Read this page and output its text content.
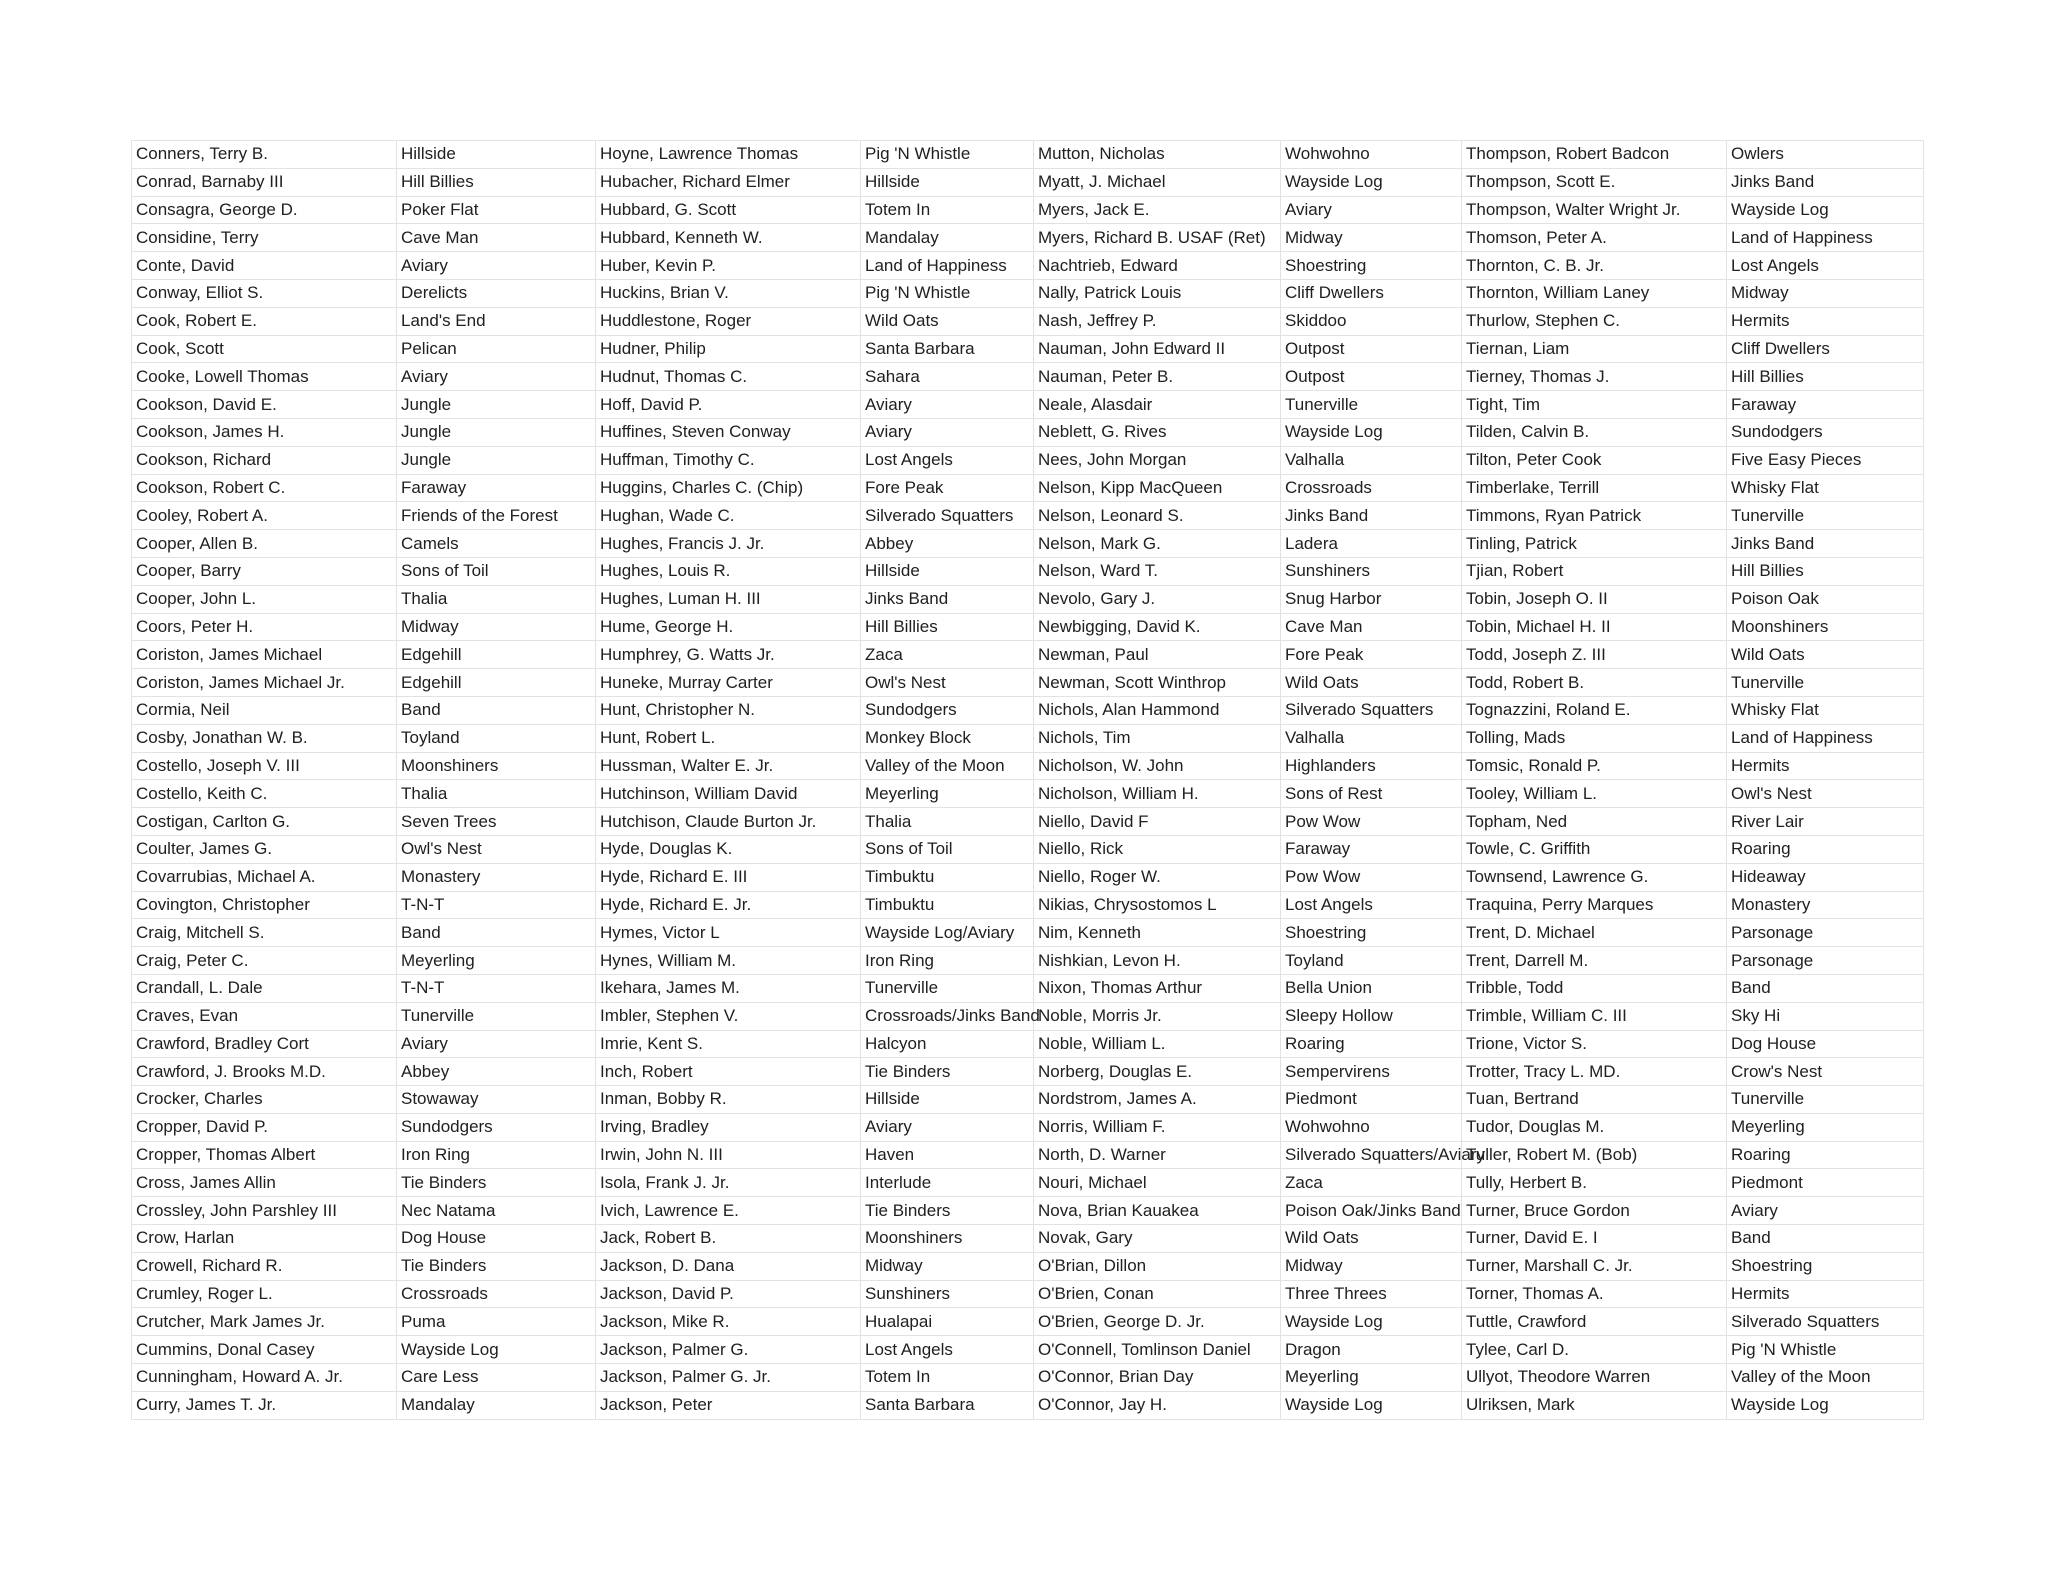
Conners, Terry B.	Hillside	Hoyne, Lawrence Thomas	Pig 'N Whistle	Mutton, Nicholas	Wohwohno	Thompson, Robert Badcon	Owlers
Conrad, Barnaby III	Hill Billies	Hubacher, Richard Elmer	Hillside	Myatt, J. Michael	Wayside Log	Thompson, Scott E.	Jinks Band
Consagra, George D.	Poker Flat	Hubbard, G. Scott	Totem In	Myers, Jack E.	Aviary	Thompson, Walter Wright Jr.	Wayside Log
Considine, Terry	Cave Man	Hubbard, Kenneth W.	Mandalay	Myers, Richard B. USAF (Ret)	Midway	Thomson, Peter A.	Land of Happiness
Conte, David	Aviary	Huber, Kevin P.	Land of Happiness	Nachtrieb, Edward	Shoestring	Thornton, C. B. Jr.	Lost Angels
Conway, Elliot S.	Derelicts	Huckins, Brian V.	Pig 'N Whistle	Nally, Patrick Louis	Cliff Dwellers	Thornton, William Laney	Midway
Cook, Robert E.	Land's End	Huddlestone, Roger	Wild Oats	Nash, Jeffrey P.	Skiddoo	Thurlow, Stephen C.	Hermits
Cook, Scott	Pelican	Hudner, Philip	Santa Barbara	Nauman, John Edward II	Outpost	Tiernan, Liam	Cliff Dwellers
Cooke, Lowell Thomas	Aviary	Hudnut, Thomas C.	Sahara	Nauman, Peter B.	Outpost	Tierney, Thomas J.	Hill Billies
Cookson, David E.	Jungle	Hoff, David P.	Aviary	Neale, Alasdair	Tunerville	Tight, Tim	Faraway
Cookson, James H.	Jungle	Huffines, Steven Conway	Aviary	Neblett, G. Rives	Wayside Log	Tilden, Calvin B.	Sundodgers
Cookson, Richard	Jungle	Huffman, Timothy C.	Lost Angels	Nees, John Morgan	Valhalla	Tilton, Peter Cook	Five Easy Pieces
Cookson, Robert C.	Faraway	Huggins, Charles C. (Chip)	Fore Peak	Nelson, Kipp MacQueen	Crossroads	Timberlake, Terrill	Whisky Flat
Cooley, Robert A.	Friends of the Forest	Hughan, Wade C.	Silverado Squatters	Nelson, Leonard S.	Jinks Band	Timmons, Ryan Patrick	Tunerville
Cooper, Allen B.	Camels	Hughes, Francis J. Jr.	Abbey	Nelson, Mark G.	Ladera	Tinling, Patrick	Jinks Band
Cooper, Barry	Sons of Toil	Hughes, Louis R.	Hillside	Nelson, Ward T.	Sunshiners	Tjian, Robert	Hill Billies
Cooper, John L.	Thalia	Hughes, Luman H. III	Jinks Band	Nevolo, Gary J.	Snug Harbor	Tobin, Joseph O. II	Poison Oak
Coors, Peter H.	Midway	Hume, George H.	Hill Billies	Newbigging, David K.	Cave Man	Tobin, Michael H. II	Moonshiners
Coriston, James Michael	Edgehill	Humphrey, G. Watts Jr.	Zaca	Newman, Paul	Fore Peak	Todd, Joseph Z. III	Wild Oats
Coriston, James Michael Jr.	Edgehill	Huneke, Murray Carter	Owl's Nest	Newman, Scott Winthrop	Wild Oats	Todd, Robert B.	Tunerville
Cormia, Neil	Band	Hunt, Christopher N.	Sundodgers	Nichols, Alan Hammond	Silverado Squatters	Tognazzini, Roland E.	Whisky Flat
Cosby, Jonathan W. B.	Toyland	Hunt, Robert L.	Monkey Block	Nichols, Tim	Valhalla	Tolling, Mads	Land of Happiness
Costello, Joseph V. III	Moonshiners	Hussman, Walter E. Jr.	Valley of the Moon	Nicholson, W. John	Highlanders	Tomsic, Ronald P.	Hermits
Costello, Keith C.	Thalia	Hutchinson, William David	Meyerling	Nicholson, William H.	Sons of Rest	Tooley, William L.	Owl's Nest
Costigan, Carlton G.	Seven Trees	Hutchison, Claude Burton Jr.	Thalia	Niello, David F	Pow Wow	Topham, Ned	River Lair
Coulter, James G.	Owl's Nest	Hyde, Douglas K.	Sons of Toil	Niello, Rick	Faraway	Towle, C. Griffith	Roaring
Covarrubias, Michael A.	Monastery	Hyde, Richard E. III	Timbuktu	Niello, Roger W.	Pow Wow	Townsend, Lawrence G.	Hideaway
Covington, Christopher	T-N-T	Hyde, Richard E. Jr.	Timbuktu	Nikias, Chrysostomos L	Lost Angels	Traquina, Perry Marques	Monastery
Craig, Mitchell S.	Band	Hymes, Victor L	Wayside Log/Aviary	Nim, Kenneth	Shoestring	Trent, D. Michael	Parsonage
Craig, Peter C.	Meyerling	Hynes, William M.	Iron Ring	Nishkian, Levon H.	Toyland	Trent, Darrell M.	Parsonage
Crandall, L. Dale	T-N-T	Ikehara, James M.	Tunerville	Nixon, Thomas Arthur	Bella Union	Tribble, Todd	Band
Craves, Evan	Tunerville	Imbler, Stephen V.	Crossroads/Jinks Band	Noble, Morris Jr.	Sleepy Hollow	Trimble, William C. III	Sky Hi
Crawford, Bradley Cort	Aviary	Imrie, Kent S.	Halcyon	Noble, William L.	Roaring	Trione, Victor S.	Dog House
Crawford, J. Brooks M.D.	Abbey	Inch, Robert	Tie Binders	Norberg, Douglas E.	Sempervirens	Trotter, Tracy L. MD.	Crow's Nest
Crocker, Charles	Stowaway	Inman, Bobby R.	Hillside	Nordstrom, James A.	Piedmont	Tuan, Bertrand	Tunerville
Cropper, David P.	Sundodgers	Irving, Bradley	Aviary	Norris, William F.	Wohwohno	Tudor, Douglas M.	Meyerling
Cropper, Thomas Albert	Iron Ring	Irwin, John N. III	Haven	North, D. Warner	Silverado Squatters/Aviary	Tuller, Robert M. (Bob)	Roaring
Cross, James Allin	Tie Binders	Isola, Frank J. Jr.	Interlude	Nouri, Michael	Zaca	Tully, Herbert B.	Piedmont
Crossley, John Parshley III	Nec Natama	Ivich, Lawrence E.	Tie Binders	Nova, Brian Kauakea	Poison Oak/Jinks Band	Turner, Bruce Gordon	Aviary
Crow, Harlan	Dog House	Jack, Robert B.	Moonshiners	Novak, Gary	Wild Oats	Turner, David E. I	Band
Crowell, Richard R.	Tie Binders	Jackson, D. Dana	Midway	O'Brian, Dillon	Midway	Turner, Marshall C. Jr.	Shoestring
Crumley, Roger L.	Crossroads	Jackson, David P.	Sunshiners	O'Brien, Conan	Three Threes	Torner, Thomas A.	Hermits
Crutcher, Mark James Jr.	Puma	Jackson, Mike R.	Hualapai	O'Brien, George D. Jr.	Wayside Log	Tuttle, Crawford	Silverado Squatters
Cummins, Donal Casey	Wayside Log	Jackson, Palmer G.	Lost Angels	O'Connell, Tomlinson Daniel	Dragon	Tylee, Carl D.	Pig 'N Whistle
Cunningham, Howard A. Jr.	Care Less	Jackson, Palmer G. Jr.	Totem In	O'Connor, Brian Day	Meyerling	Ullyot, Theodore Warren	Valley of the Moon
Curry, James T. Jr.	Mandalay	Jackson, Peter	Santa Barbara	O'Connor, Jay H.	Wayside Log	Ulriksen, Mark	Wayside Log
